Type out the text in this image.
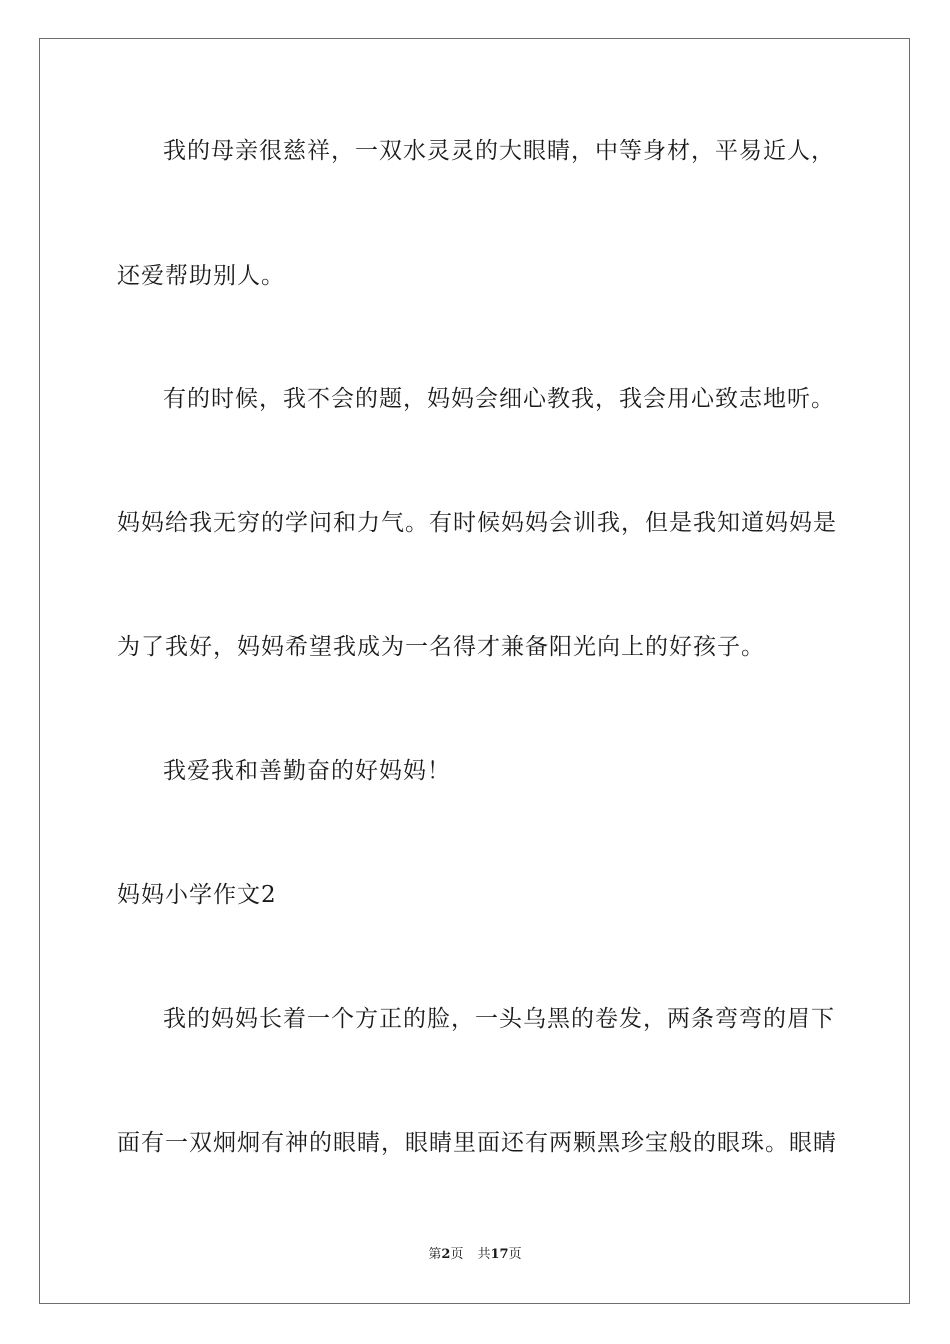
我的母亲很慈祥，一双水灵灵的大眼睛，中等身材，平易近人，
还爱帮助别人。
有的时候，我不会的题，妈妈会细心教我，我会用心致志地听。
妈妈给我无穷的学问和力气。有时候妈妈会训我，但是我知道妈妈是
为了我好，妈妈希望我成为一名得才兼备阳光向上的好孩子。
我爱我和善勤奋的好妈妈！
妈妈小学作文2
我的妈妈长着一个方正的脸，一头乌黑的卷发，两条弯弯的眉下
面有一双炯炯有神的眼睛，眼睛里面还有两颗黑珍宝般的眼珠。眼睛
第2页 共17页
